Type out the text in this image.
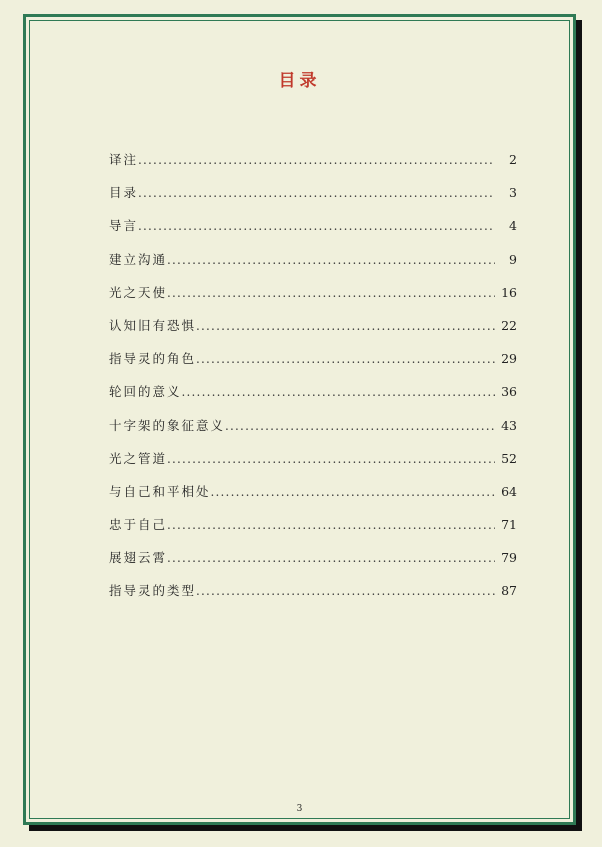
目录
译注 .....	2
目录 .....	3
导言 .....	4
建立沟通 .....	9
光之天使 .....	16
认知旧有恐惧 .....	22
指导灵的角色 .....	29
轮回的意义 .....	36
十字架的象征意义 .....	43
光之管道 .....	52
与自己和平相处 .....	64
忠于自己 .....	71
展翅云霄 .....	79
指导灵的类型 .....	87
3
